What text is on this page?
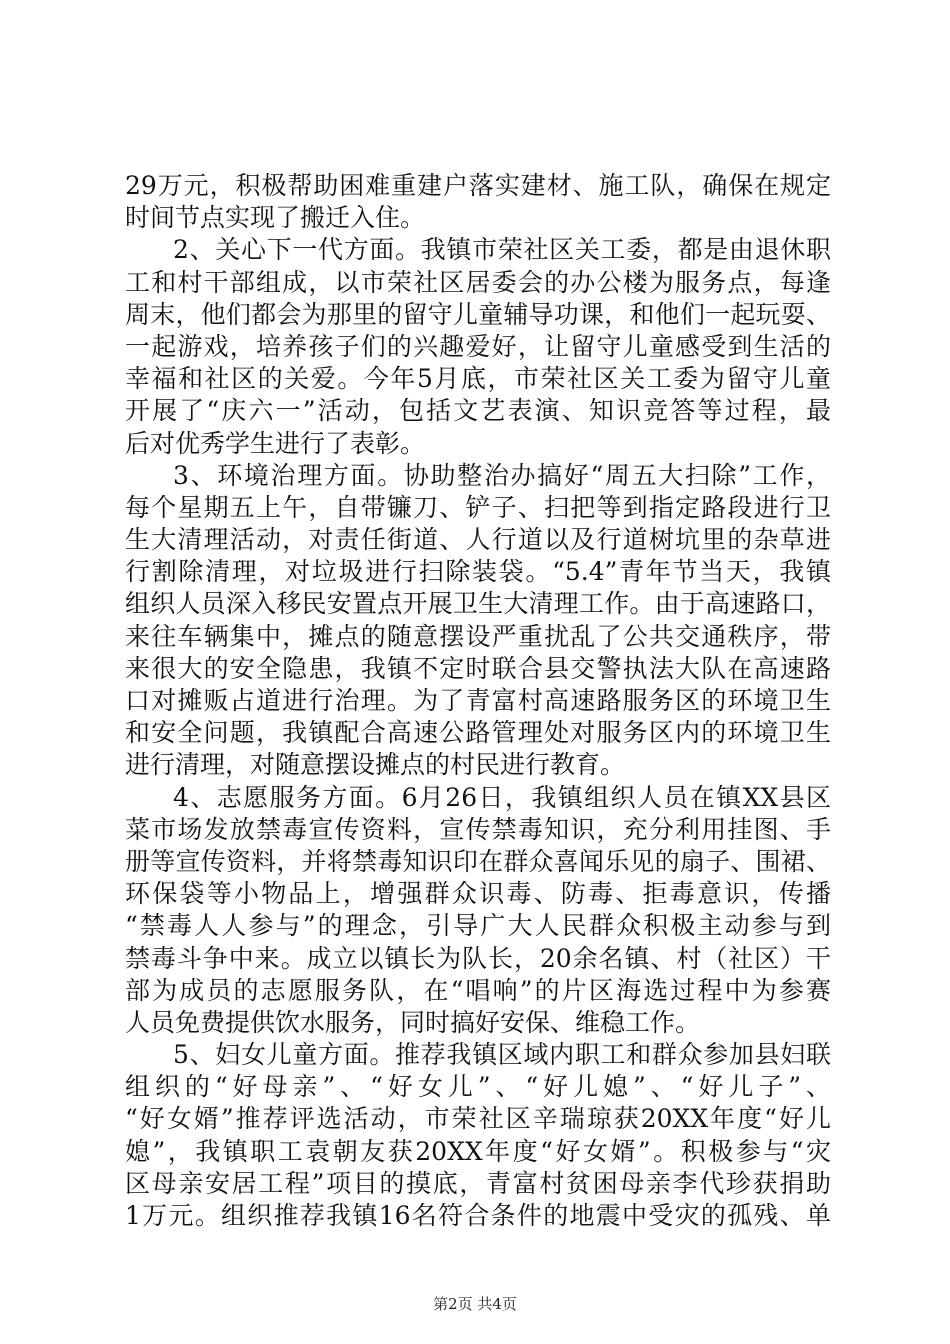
29万元，积极帮助困难重建户落实建材、施工队，确保在规定
时间节点实现了搬迁入住。
2、关心下一代方面。我镇市荣社区关工委，都是由退休职
工和村干部组成，以市荣社区居委会的办公楼为服务点，每逢
周末，他们都会为那里的留守儿童辅导功课，和他们一起玩耍、
一起游戏，培养孩子们的兴趣爱好，让留守儿童感受到生活的
幸福和社区的关爱。今年5月底，市荣社区关工委为留守儿童
开展了“庆六一”活动，包括文艺表演、知识竞答等过程，最
后对优秀学生进行了表彰。
3、环境治理方面。协助整治办搞好“周五大扫除”工作，
每个星期五上午，自带镰刀、铲子、扫把等到指定路段进行卫
生大清理活动，对责任街道、人行道以及行道树坑里的杂草进
行割除清理，对垃圾进行扫除装袋。“5.4”青年节当天，我镇
组织人员深入移民安置点开展卫生大清理工作。由于高速路口，
来往车辆集中，摊点的随意摆设严重扰乱了公共交通秩序，带
来很大的安全隐患，我镇不定时联合县交警执法大队在高速路
口对摊贩占道进行治理。为了青富村高速路服务区的环境卫生
和安全问题，我镇配合高速公路管理处对服务区内的环境卫生
进行清理，对随意摆设摊点的村民进行教育。
4、志愿服务方面。6月26日，我镇组织人员在镇XX县区
菜市场发放禁毒宣传资料，宣传禁毒知识，充分利用挂图、手
册等宣传资料，并将禁毒知识印在群众喜闻乐见的扇子、围裙、
环保袋等小物品上，增强群众识毒、防毒、拒毒意识，传播
“禁毒人人参与”的理念，引导广大人民群众积极主动参与到
禁毒斗争中来。成立以镇长为队长，20余名镇、村（社区）干
部为成员的志愿服务队，在“唱响”的片区海选过程中为参赛
人员免费提供饮水服务，同时搞好安保、维稳工作。
5、妇女儿童方面。推荐我镇区域内职工和群众参加县妇联
组织的“好母亲”、“好女儿”、“好儿媳”、“好儿子”、
“好女婿”推荐评选活动，市荣社区辛瑞琼获20XX年度“好儿
媳”，我镇职工袁朝友获20XX年度“好女婿”。积极参与“灾
区母亲安居工程”项目的摸底，青富村贫困母亲李代珍获捐助
1万元。组织推荐我镇16名符合条件的地震中受灾的孤残、单
第2页 共4页
